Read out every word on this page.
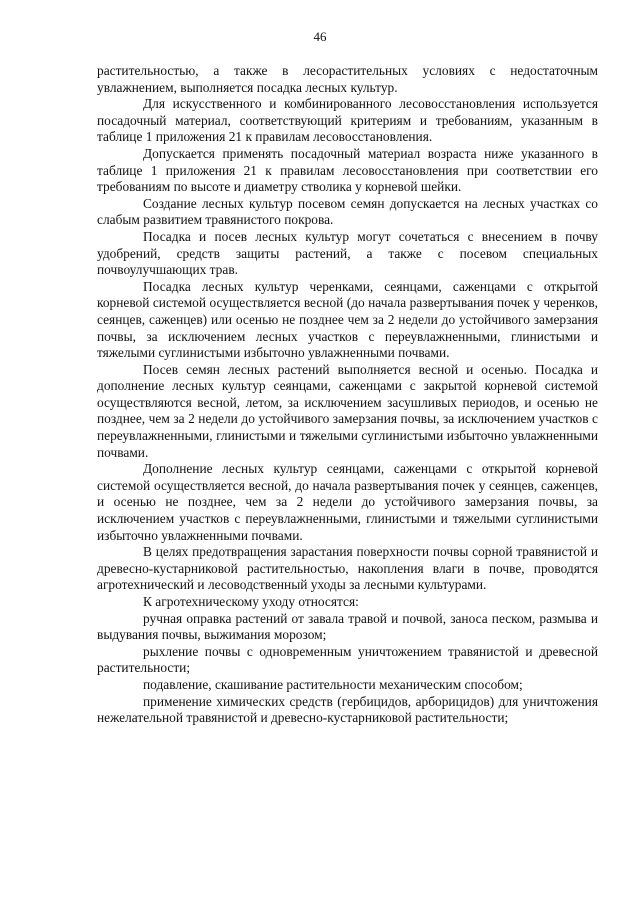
46

растительностью, а также в лесорастительных условиях с недостаточным увлажнением, выполняется посадка лесных культур.

Для искусственного и комбинированного лесовосстановления используется посадочный материал, соответствующий критериям и требованиям, указанным в таблице 1 приложения 21 к правилам лесовосстановления.

Допускается применять посадочный материал возраста ниже указанного в таблице 1 приложения 21 к правилам лесовосстановления при соответствии его требованиям по высоте и диаметру стволика у корневой шейки.

Создание лесных культур посевом семян допускается на лесных участках со слабым развитием травянистого покрова.

Посадка и посев лесных культур могут сочетаться с внесением в почву удобрений, средств защиты растений, а также с посевом специальных почвоулучшающих трав.

Посадка лесных культур черенками, сеянцами, саженцами с открытой корневой системой осуществляется весной (до начала развертывания почек у черенков, сеянцев, саженцев) или осенью не позднее чем за 2 недели до устойчивого замерзания почвы, за исключением лесных участков с переувлажненными, глинистыми и тяжелыми суглинистыми избыточно увлажненными почвами.

Посев семян лесных растений выполняется весной и осенью. Посадка и дополнение лесных культур сеянцами, саженцами с закрытой корневой системой осуществляются весной, летом, за исключением засушливых периодов, и осенью не позднее, чем за 2 недели до устойчивого замерзания почвы, за исключением участков с переувлажненными, глинистыми и тяжелыми суглинистыми избыточно увлажненными почвами.

Дополнение лесных культур сеянцами, саженцами с открытой корневой системой осуществляется весной, до начала развертывания почек у сеянцев, саженцев, и осенью не позднее, чем за 2 недели до устойчивого замерзания почвы, за исключением участков с переувлажненными, глинистыми и тяжелыми суглинистыми избыточно увлажненными почвами.

В целях предотвращения зарастания поверхности почвы сорной травянистой и древесно-кустарниковой растительностью, накопления влаги в почве, проводятся агротехнический и лесоводственный уходы за лесными культурами.

К агротехническому уходу относятся:

ручная оправка растений от завала травой и почвой, заноса песком, размыва и выдувания почвы, выжимания морозом;

рыхление почвы с одновременным уничтожением травянистой и древесной растительности;

подавление, скашивание растительности механическим способом;

применение химических средств (гербицидов, арборицидов) для уничтожения нежелательной травянистой и древесно-кустарниковой растительности;
